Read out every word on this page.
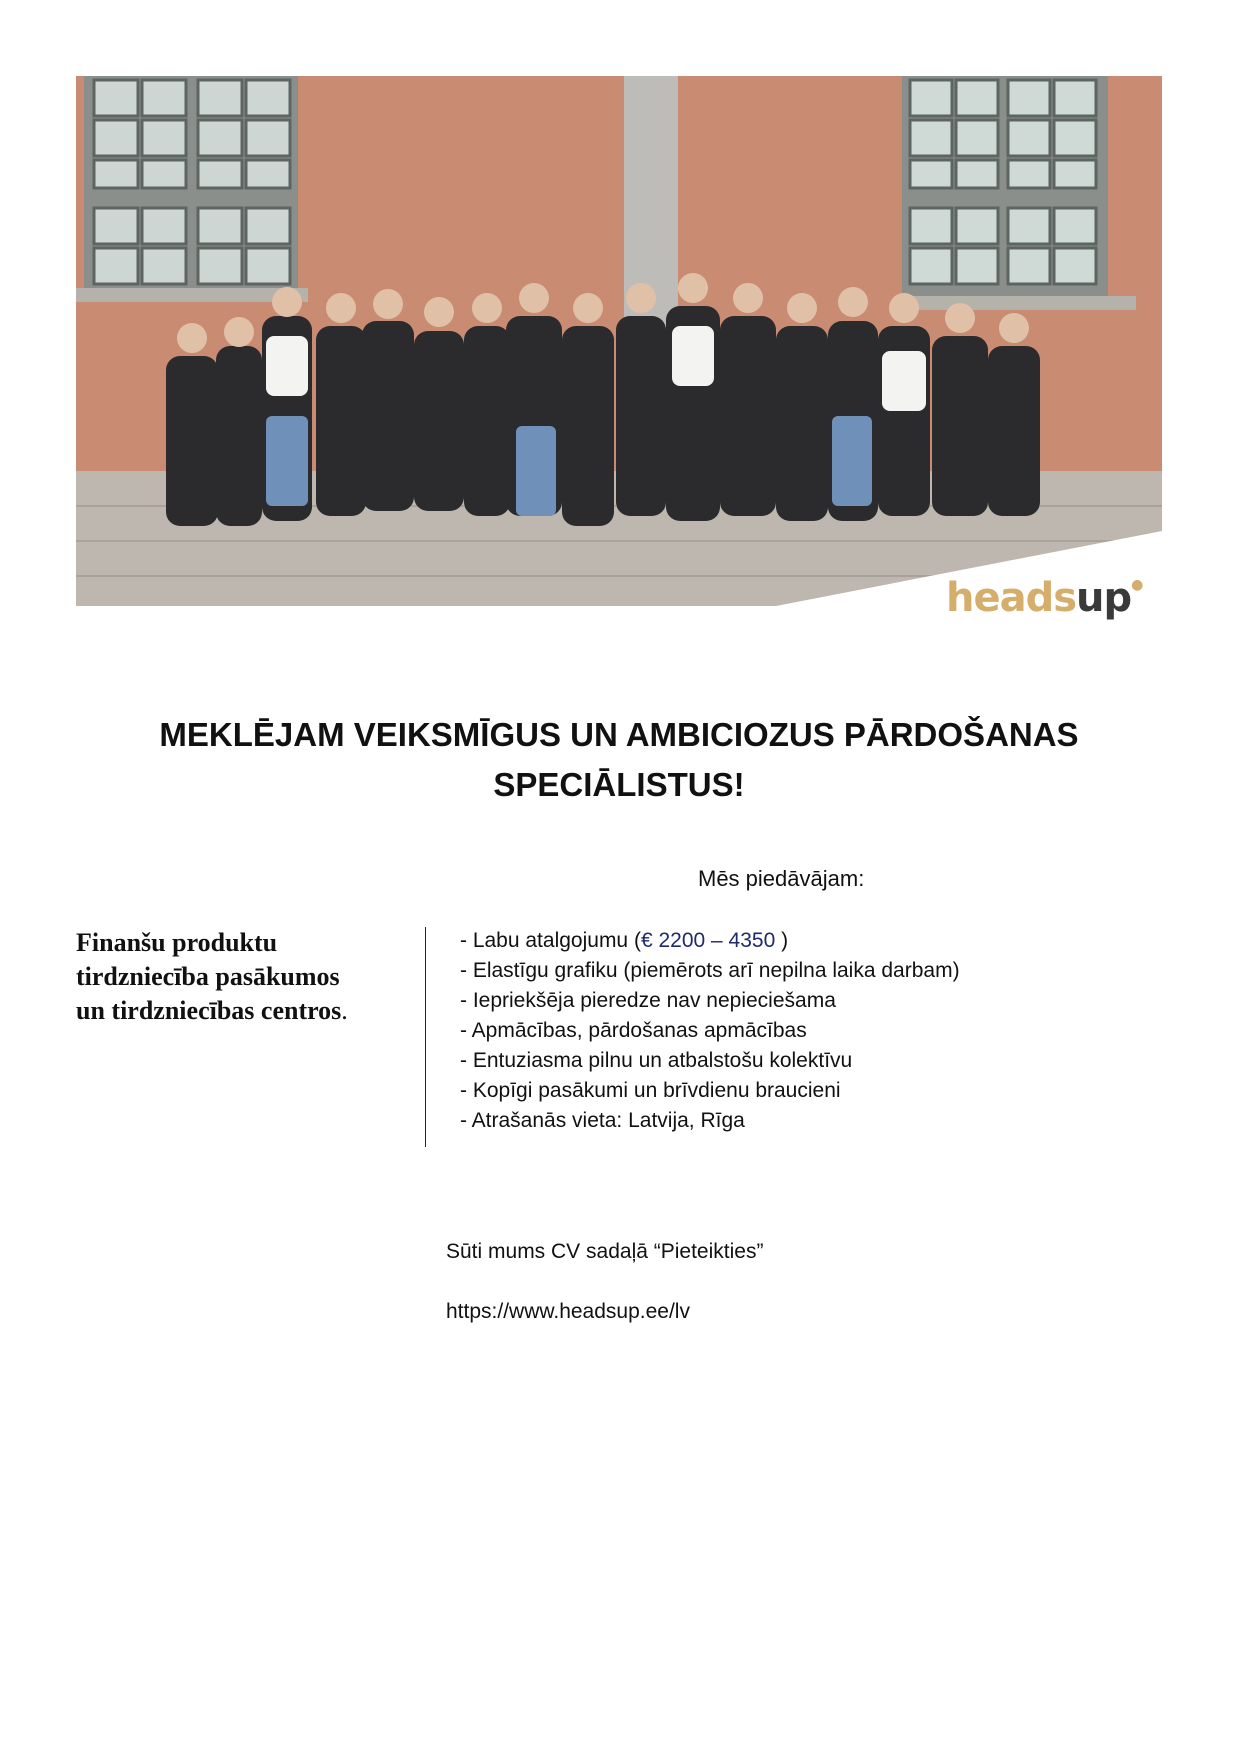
headsup●
MEKLĒJAM VEIKSMĪGUS UN AMBICIOZUS PĀRDOŠANAS
SPECIĀLISTUS!
Mēs piedāvājam:
Finanšu produktu
tirdzniecība pasākumos
un tirdzniecības centros.
- Labu atalgojumu (€ 2200 – 4350 )
- Elastīgu grafiku (piemērots arī nepilna laika darbam)
- Iepriekšēja pieredze nav nepieciešama
- Apmācības, pārdošanas apmācības
- Entuziasma pilnu un atbalstošu kolektīvu
- Kopīgi pasākumi un brīvdienu braucieni
- Atrašanās vieta: Latvija, Rīga
Sūti mums CV sadaļā “Pieteikties”
https://www.headsup.ee/lv
